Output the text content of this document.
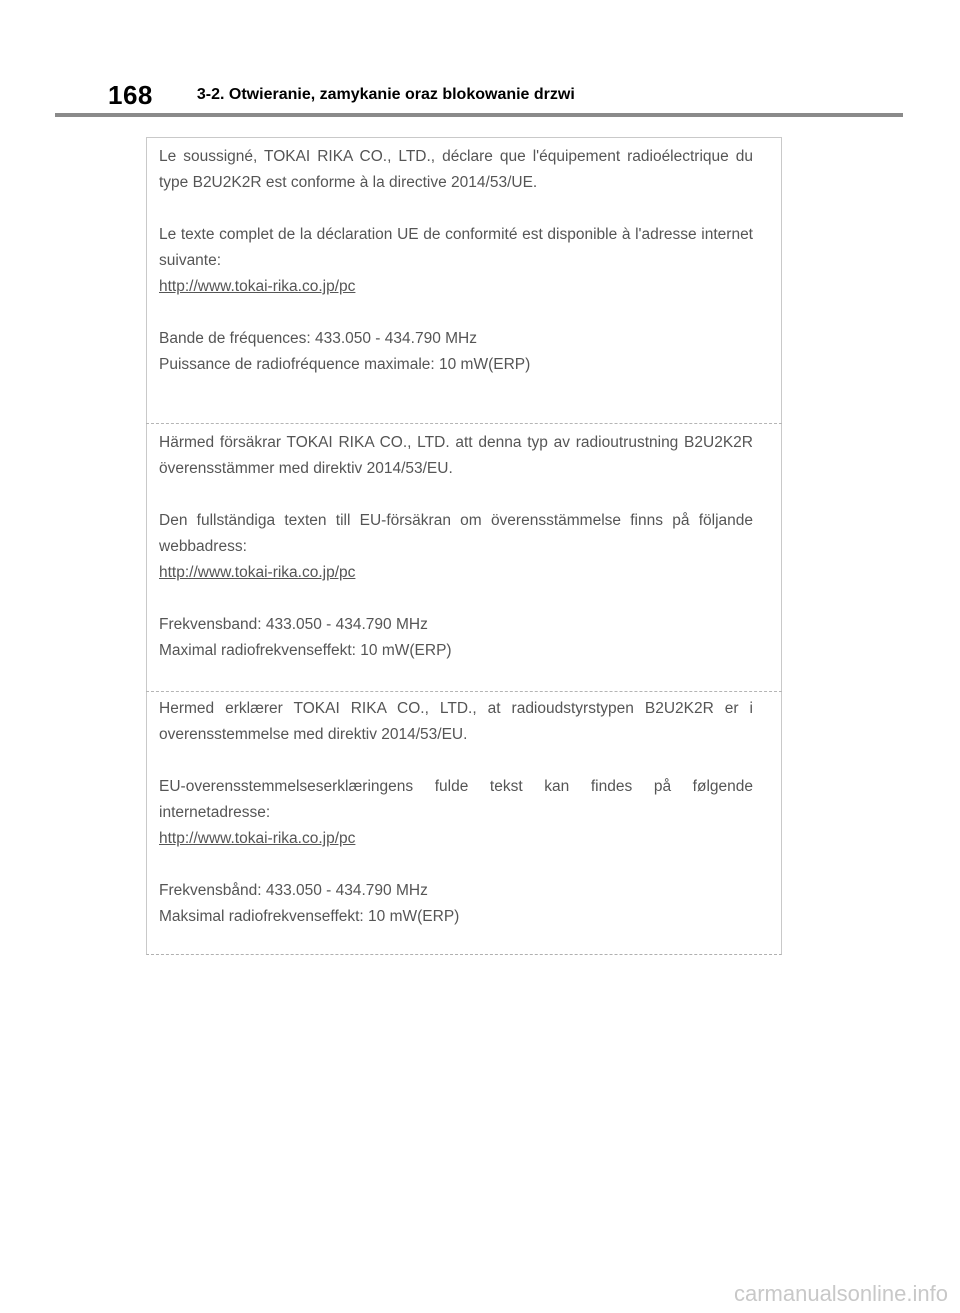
168	3-2. Otwieranie, zamykanie oraz blokowanie drzwi

Le soussigné, TOKAI RIKA CO., LTD., déclare que l'équipement radioélectrique du type B2U2K2R est conforme à la directive 2014/53/UE.

Le texte complet de la déclaration UE de conformité est disponible à l'adresse internet suivante:

http://www.tokai-rika.co.jp/pc

Bande de fréquences: 433.050 - 434.790 MHz

Puissance de radiofréquence maximale: 10 mW(ERP)

Härmed försäkrar TOKAI RIKA CO., LTD. att denna typ av radioutrustning B2U2K2R överensstämmer med direktiv 2014/53/EU.

Den fullständiga texten till EU-försäkran om överensstämmelse finns på följande webbadress:

http://www.tokai-rika.co.jp/pc

Frekvensband: 433.050 - 434.790 MHz

Maximal radiofrekvenseffekt: 10 mW(ERP)

Hermed erklærer TOKAI RIKA CO., LTD., at radioudstyrstypen B2U2K2R er i overensstemmelse med direktiv 2014/53/EU.

EU-overensstemmelseserklæringens fulde tekst kan findes på følgende internetadresse:

http://www.tokai-rika.co.jp/pc

Frekvensbånd: 433.050 - 434.790 MHz

Maksimal radiofrekvenseffekt: 10 mW(ERP)

carmanualsonline.info
